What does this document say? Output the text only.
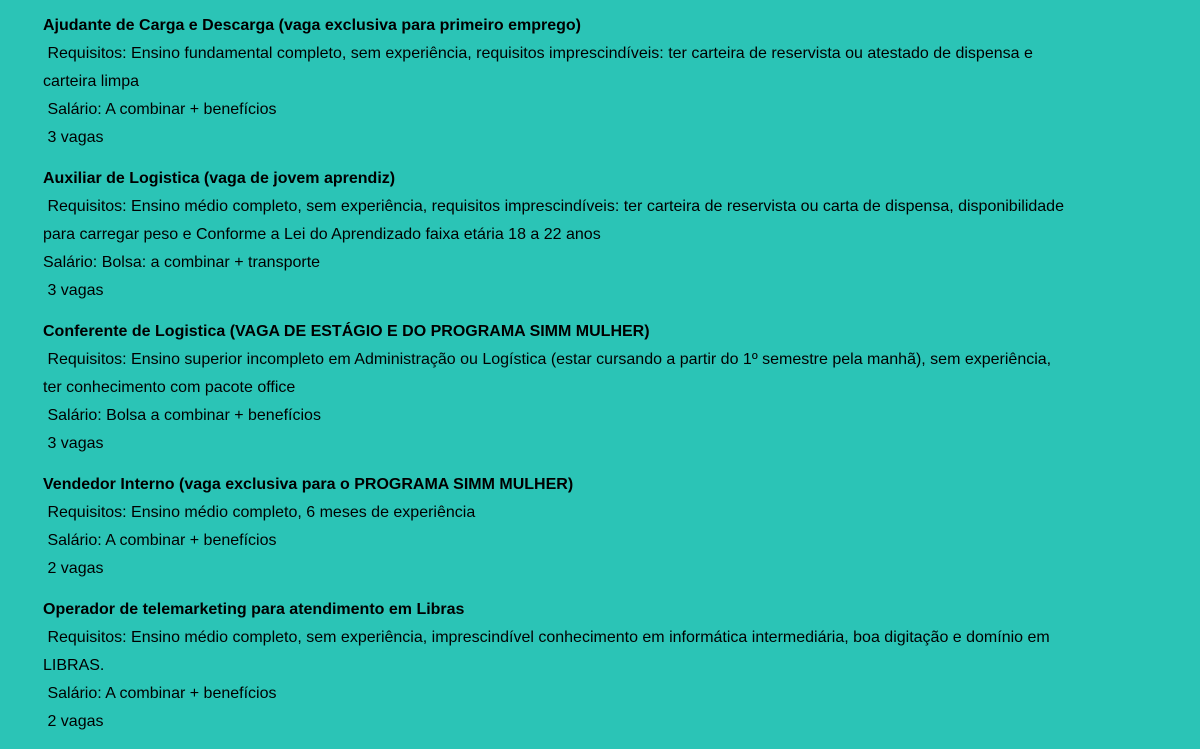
Ajudante de Carga e Descarga (vaga exclusiva para primeiro emprego)

Requisitos: Ensino fundamental completo, sem experiência, requisitos imprescindíveis: ter carteira de reservista ou atestado de dispensa e carteira limpa

Salário: A combinar + benefícios

3 vagas

Auxiliar de Logistica (vaga de jovem aprendiz)

Requisitos: Ensino médio completo, sem experiência, requisitos imprescindíveis: ter carteira de reservista ou carta de dispensa, disponibilidade para carregar peso e Conforme a Lei do Aprendizado faixa etária 18 a 22 anos

Salário: Bolsa: a combinar + transporte

3 vagas

Conferente de Logistica (VAGA DE ESTÁGIO E DO PROGRAMA SIMM MULHER)

Requisitos: Ensino superior incompleto em Administração ou Logística (estar cursando a partir do 1º semestre pela manhã), sem experiência, ter conhecimento com pacote office

Salário: Bolsa a combinar + benefícios

3 vagas

Vendedor Interno (vaga exclusiva para o PROGRAMA SIMM MULHER)

Requisitos: Ensino médio completo, 6 meses de experiência

Salário: A combinar + benefícios

2 vagas

Operador de telemarketing para atendimento em Libras

Requisitos: Ensino médio completo, sem experiência, imprescindível conhecimento em informática intermediária, boa digitação e domínio em LIBRAS.

Salário: A combinar + benefícios

2 vagas
